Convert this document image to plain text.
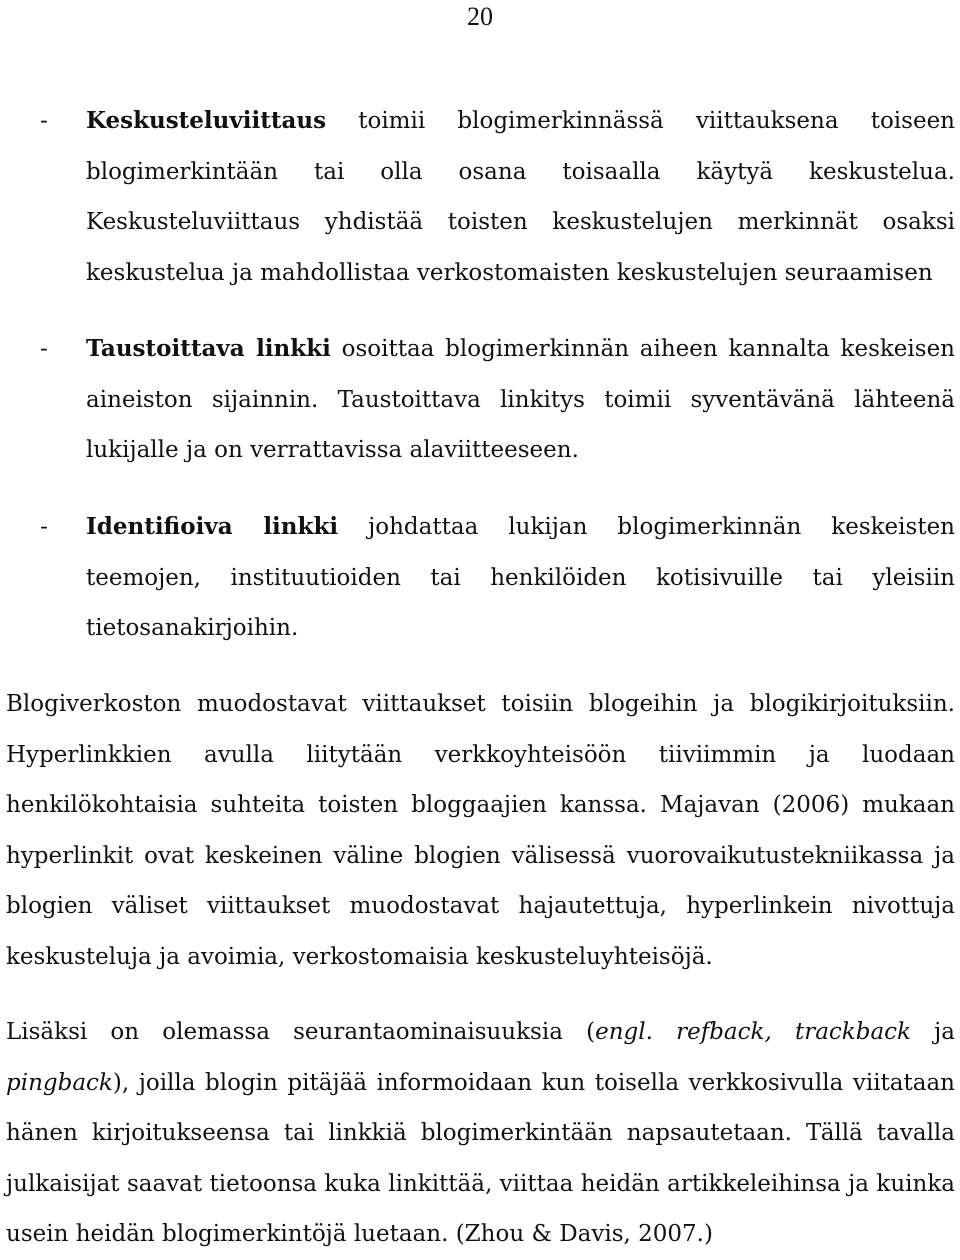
20
- Keskusteluviittaus toimii blogimerkinnässä viittauksena toiseen blogimerkintään tai olla osana toisaalla käytyä keskustelua. Keskusteluviittaus yhdistää toisten keskustelujen merkinnät osaksi keskustelua ja mahdollistaa verkostomaisten keskustelujen seuraamisen
- Taustoittava linkki osoittaa blogimerkinnän aiheen kannalta keskeisen aineiston sijainnin. Taustoittava linkitys toimii syventävänä lähteenä lukijalle ja on verrattavissa alaviitteeseen.
- Identifioiva linkki johdattaa lukijan blogimerkinnän keskeisten teemojen, instituutioiden tai henkilöiden kotisivuille tai yleisiin tietosanakirjoihin.
Blogiverkoston muodostavat viittaukset toisiin blogeihin ja blogikirjoituksiin. Hyperlinkkien avulla liitytään verkkoyhteisöön tiiviimmin ja luodaan henkilökohtaisia suhteita toisten bloggaajien kanssa. Majavan (2006) mukaan hyperlinkit ovat keskeinen väline blogien välisessä vuorovaikutustekniikassa ja blogien väliset viittaukset muodostavat hajautettuja, hyperlinkein nivottuja keskusteluja ja avoimia, verkostomaisia keskusteluyhteisöjä.
Lisäksi on olemassa seurantaominaisuuksia (engl. refback, trackback ja pingback), joilla blogin pitäjää informoidaan kun toisella verkkosivulla viitataan hänen kirjoitukseensa tai linkkiä blogimerkintään napsautetaan. Tällä tavalla julkaisijat saavat tietoonsa kuka linkittää, viittaa heidän artikkeleihinsa ja kuinka usein heidän blogimerkintöjä luetaan. (Zhou & Davis, 2007.)
